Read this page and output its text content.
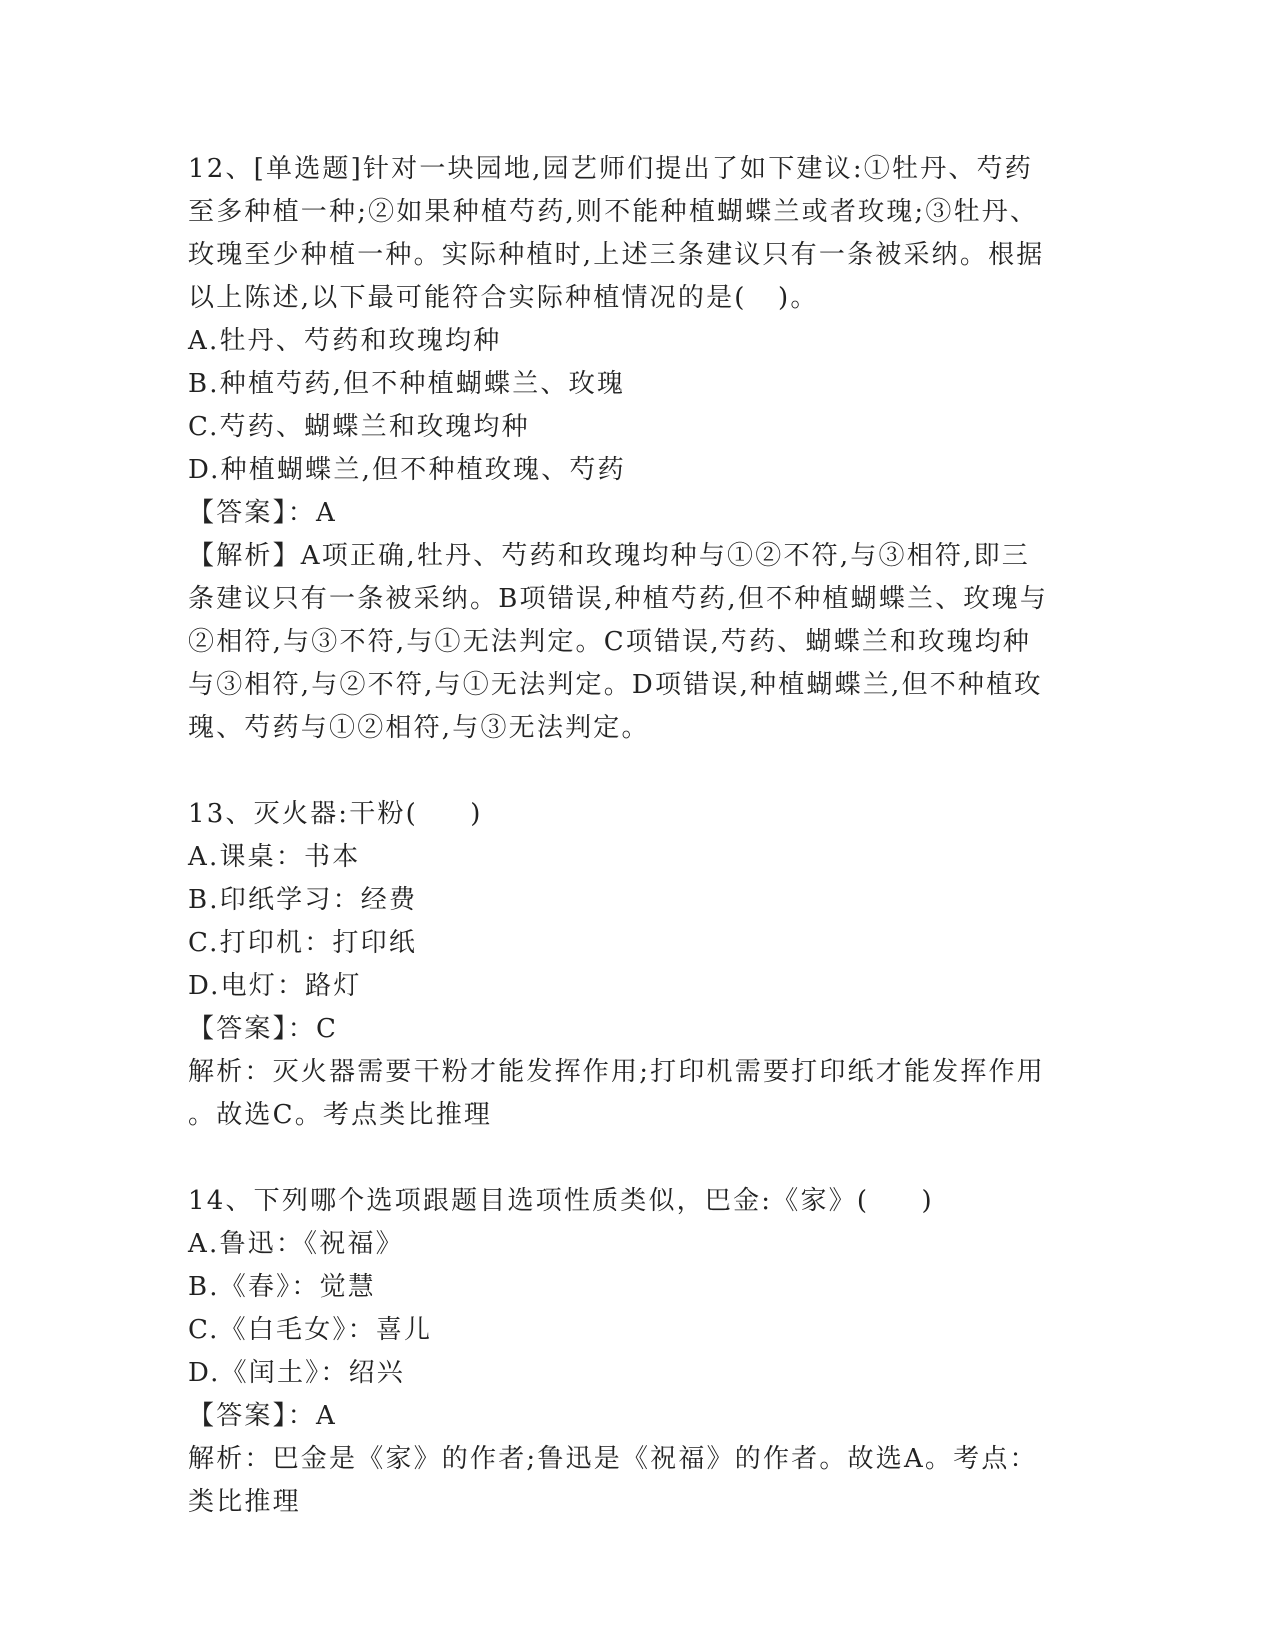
12、[单选题]针对一块园地,园艺师们提出了如下建议:①牡丹、芍药
至多种植一种;②如果种植芍药,则不能种植蝴蝶兰或者玫瑰;③牡丹、
玫瑰至少种植一种。实际种植时,上述三条建议只有一条被采纳。根据
以上陈述,以下最可能符合实际种植情况的是(   )。
A.牡丹、芍药和玫瑰均种
B.种植芍药,但不种植蝴蝶兰、玫瑰
C.芍药、蝴蝶兰和玫瑰均种
D.种植蝴蝶兰,但不种植玫瑰、芍药
【答案】：A
【解析】A项正确,牡丹、芍药和玫瑰均种与①②不符,与③相符,即三
条建议只有一条被采纳。B项错误,种植芍药,但不种植蝴蝶兰、玫瑰与
②相符,与③不符,与①无法判定。C项错误,芍药、蝴蝶兰和玫瑰均种
与③相符,与②不符,与①无法判定。D项错误,种植蝴蝶兰,但不种植玫
瑰、芍药与①②相符,与③无法判定。
13、灭火器:干粉(     )
A.课桌：书本
B.印纸学习：经费
C.打印机：打印纸
D.电灯：路灯
【答案】：C
解析：灭火器需要干粉才能发挥作用;打印机需要打印纸才能发挥作用
。故选C。考点类比推理
14、下列哪个选项跟题目选项性质类似，巴金:《家》(     )
A.鲁迅：《祝福》
B.《春》：觉慧
C.《白毛女》：喜儿
D.《闰土》：绍兴
【答案】：A
解析：巴金是《家》的作者;鲁迅是《祝福》的作者。故选A。考点：
类比推理
